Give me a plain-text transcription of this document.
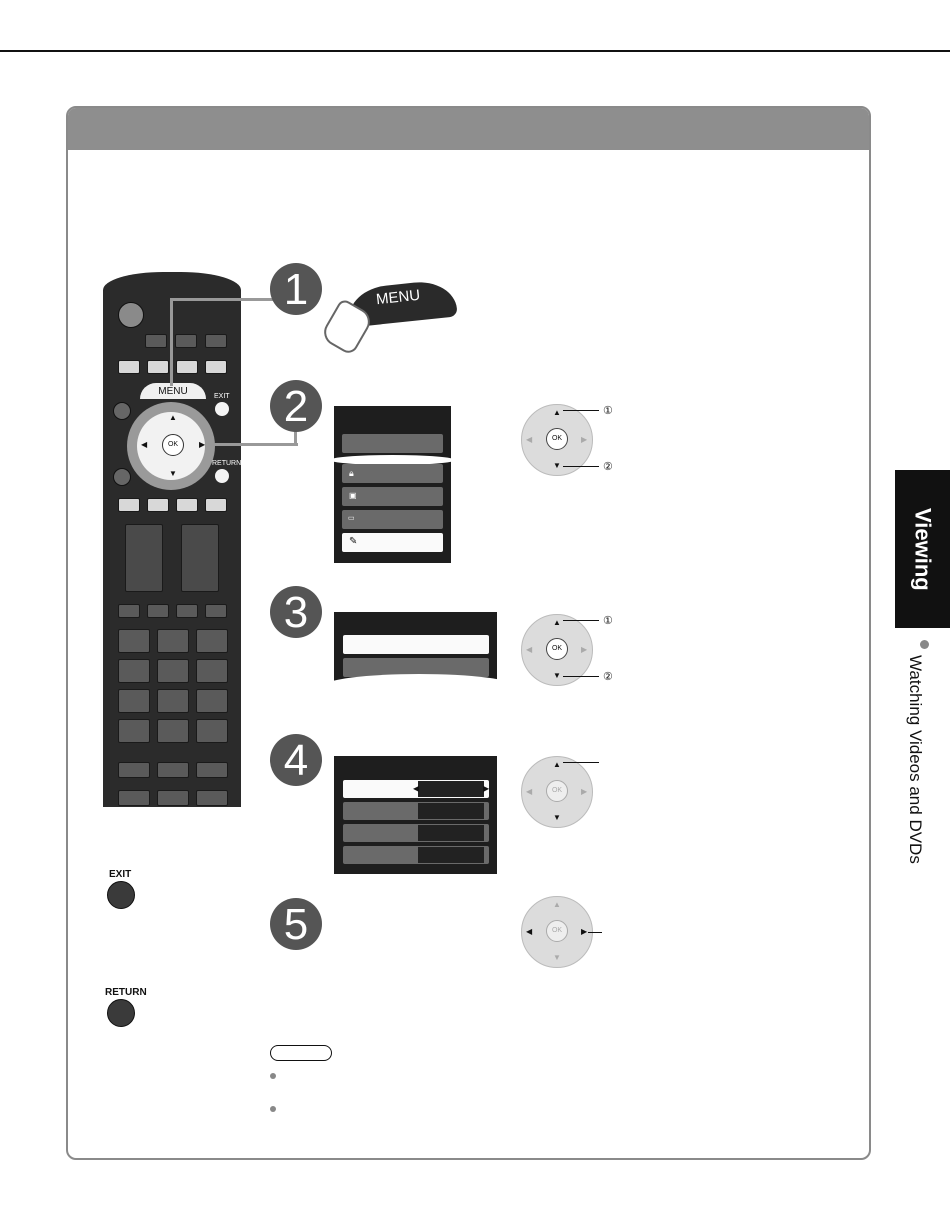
▲
▼
◀	▶
OK
MENU	EXIT
RETURN
1
2
3
4
5
MENU
🔒︎
▣
▭
✎
◀	▶
OK
▲
▼
◀	▶
①
②
OK
▲
▼
◀	▶
①
②
OK
▲
▼
◀	▶
OK
▲
▼
◀	▶
EXIT
RETURN
Viewing
Watching Videos and DVDs
